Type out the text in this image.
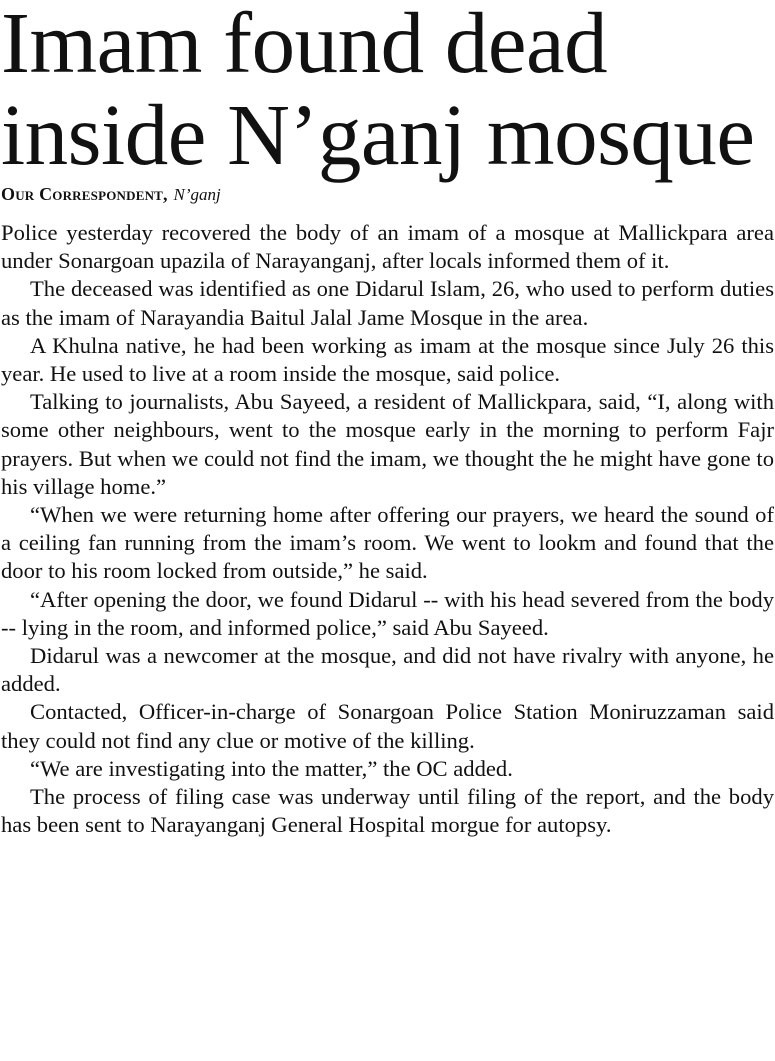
Imam found dead
inside N’ganj mosque
Our Correspondent, N’ganj

Police yesterday recovered the body of an imam of a mosque at Mallickpara area under Sonargoan upazila of Narayanganj, after locals informed them of it.

The deceased was identified as one Didarul Islam, 26, who used to perform duties as the imam of Narayandia Baitul Jalal Jame Mosque in the area.

A Khulna native, he had been working as imam at the mosque since July 26 this year. He used to live at a room inside the mosque, said police.

Talking to journalists, Abu Sayeed, a resident of Mallickpara, said, “I, along with some other neighbours, went to the mosque early in the morning to perform Fajr prayers. But when we could not find the imam, we thought the he might have gone to his village home.”

“When we were returning home after offering our prayers, we heard the sound of a ceiling fan running from the imam’s room. We went to lookm and found that the door to his room locked from outside,” he said.

“After opening the door, we found Didarul -- with his head severed from the body -- lying in the room, and informed police,” said Abu Sayeed.

Didarul was a newcomer at the mosque, and did not have rivalry with anyone, he added.

Contacted, Officer-in-charge of Sonargoan Police Station Moniruzzaman said they could not find any clue or motive of the killing.

“We are investigating into the matter,” the OC added.

The process of filing case was underway until filing of the report, and the body has been sent to Narayanganj General Hospital morgue for autopsy.
